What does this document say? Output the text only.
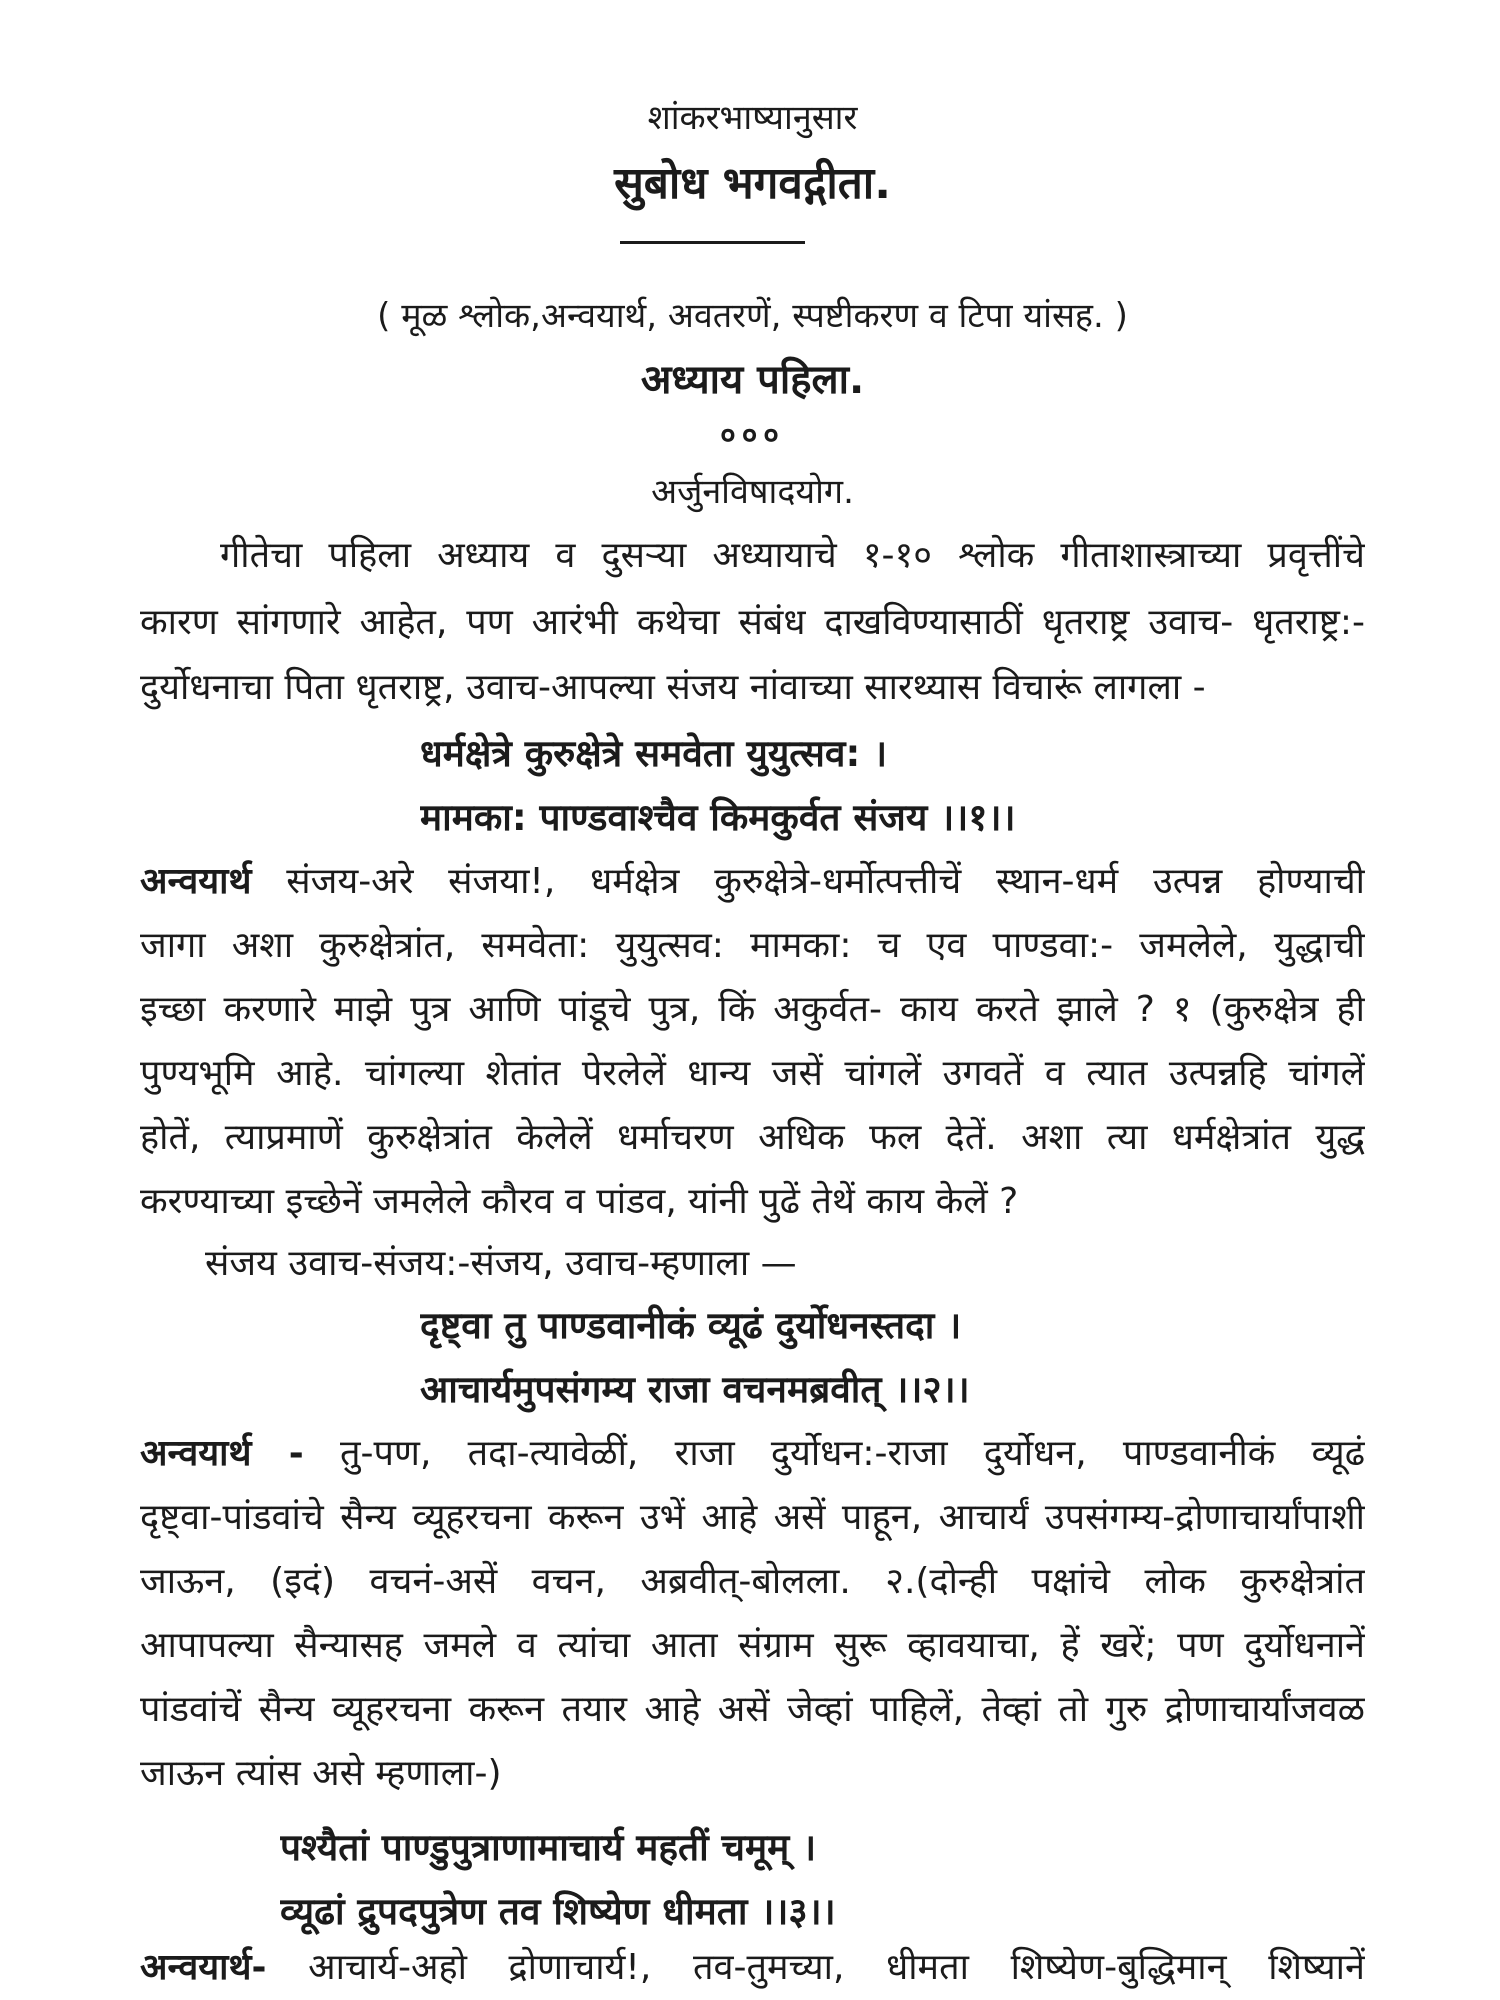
शांकरभाष्यानुसार
सुबोध भगवद्गीता.
( मूळ श्लोक,अन्वयार्थ, अवतरणें, स्पष्टीकरण व टिपा यांसह. )
अध्याय पहिला.
०००
अर्जुनविषादयोग.
गीतेचा पहिला अध्याय व दुसऱ्या अध्यायाचे १-१० श्लोक गीताशास्त्राच्या प्रवृत्तींचे
कारण सांगणारे आहेत, पण आरंभी कथेचा संबंध दाखविण्यासाठीं धृतराष्ट्र उवाच- धृतराष्ट्र:-
दुर्योधनाचा पिता धृतराष्ट्र, उवाच-आपल्या संजय नांवाच्या सारथ्यास विचारूं लागला -
धर्मक्षेत्रे कुरुक्षेत्रे समवेता युयुत्सव: ।
मामका: पाण्डवाश्चैव किमकुर्वत संजय ।।१।।
अन्वयार्थ संजय-अरे संजया!, धर्मक्षेत्र कुरुक्षेत्रे-धर्मोत्पत्तीचें स्थान-धर्म उत्पन्न होण्याची
जागा अशा कुरुक्षेत्रांत, समवेता: युयुत्सव: मामका: च एव पाण्डवा:- जमलेले, युद्धाची
इच्छा करणारे माझे पुत्र आणि पांडूचे पुत्र, किं अकुर्वत- काय करते झाले ? १ (कुरुक्षेत्र ही
पुण्यभूमि आहे. चांगल्या शेतांत पेरलेलें धान्य जसें चांगलें उगवतें व त्यात उत्पन्नहि चांगलें
होतें, त्याप्रमाणें कुरुक्षेत्रांत केलेलें धर्माचरण अधिक फल देतें. अशा त्या धर्मक्षेत्रांत युद्ध
करण्याच्या इच्छेनें जमलेले कौरव व पांडव, यांनी पुढें तेथें काय केलें ?
संजय उवाच-संजय:-संजय, उवाच-म्हणाला —
दृष्ट्वा तु पाण्डवानीकं व्यूढं दुर्योधनस्तदा ।
आचार्यमुपसंगम्य राजा वचनमब्रवीत् ।।२।।
अन्वयार्थ - तु-पण, तदा-त्यावेळीं, राजा दुर्योधन:-राजा दुर्योधन, पाण्डवानीकं व्यूढं
दृष्ट्वा-पांडवांचे सैन्य व्यूहरचना करून उभें आहे असें पाहून, आचार्यं उपसंगम्य-द्रोणाचार्यांपाशी
जाऊन, (इदं) वचनं-असें वचन, अब्रवीत्-बोलला. २.(दोन्ही पक्षांचे लोक कुरुक्षेत्रांत
आपापल्या सैन्यासह जमले व त्यांचा आता संग्राम सुरू व्हावयाचा, हें खरें; पण दुर्योधनानें
पांडवांचें सैन्य व्यूहरचना करून तयार आहे असें जेव्हां पाहिलें, तेव्हां तो गुरु द्रोणाचार्यांजवळ
जाऊन त्यांस असे म्हणाला-)
पश्यैतां पाण्डुपुत्राणामाचार्य महतीं चमूम् ।
व्यूढां द्रुपदपुत्रेण तव शिष्येण धीमता ।।३।।
अन्वयार्थ- आचार्य-अहो द्रोणाचार्य!, तव-तुमच्या, धीमता शिष्येण-बुद्धिमान् शिष्यानें
